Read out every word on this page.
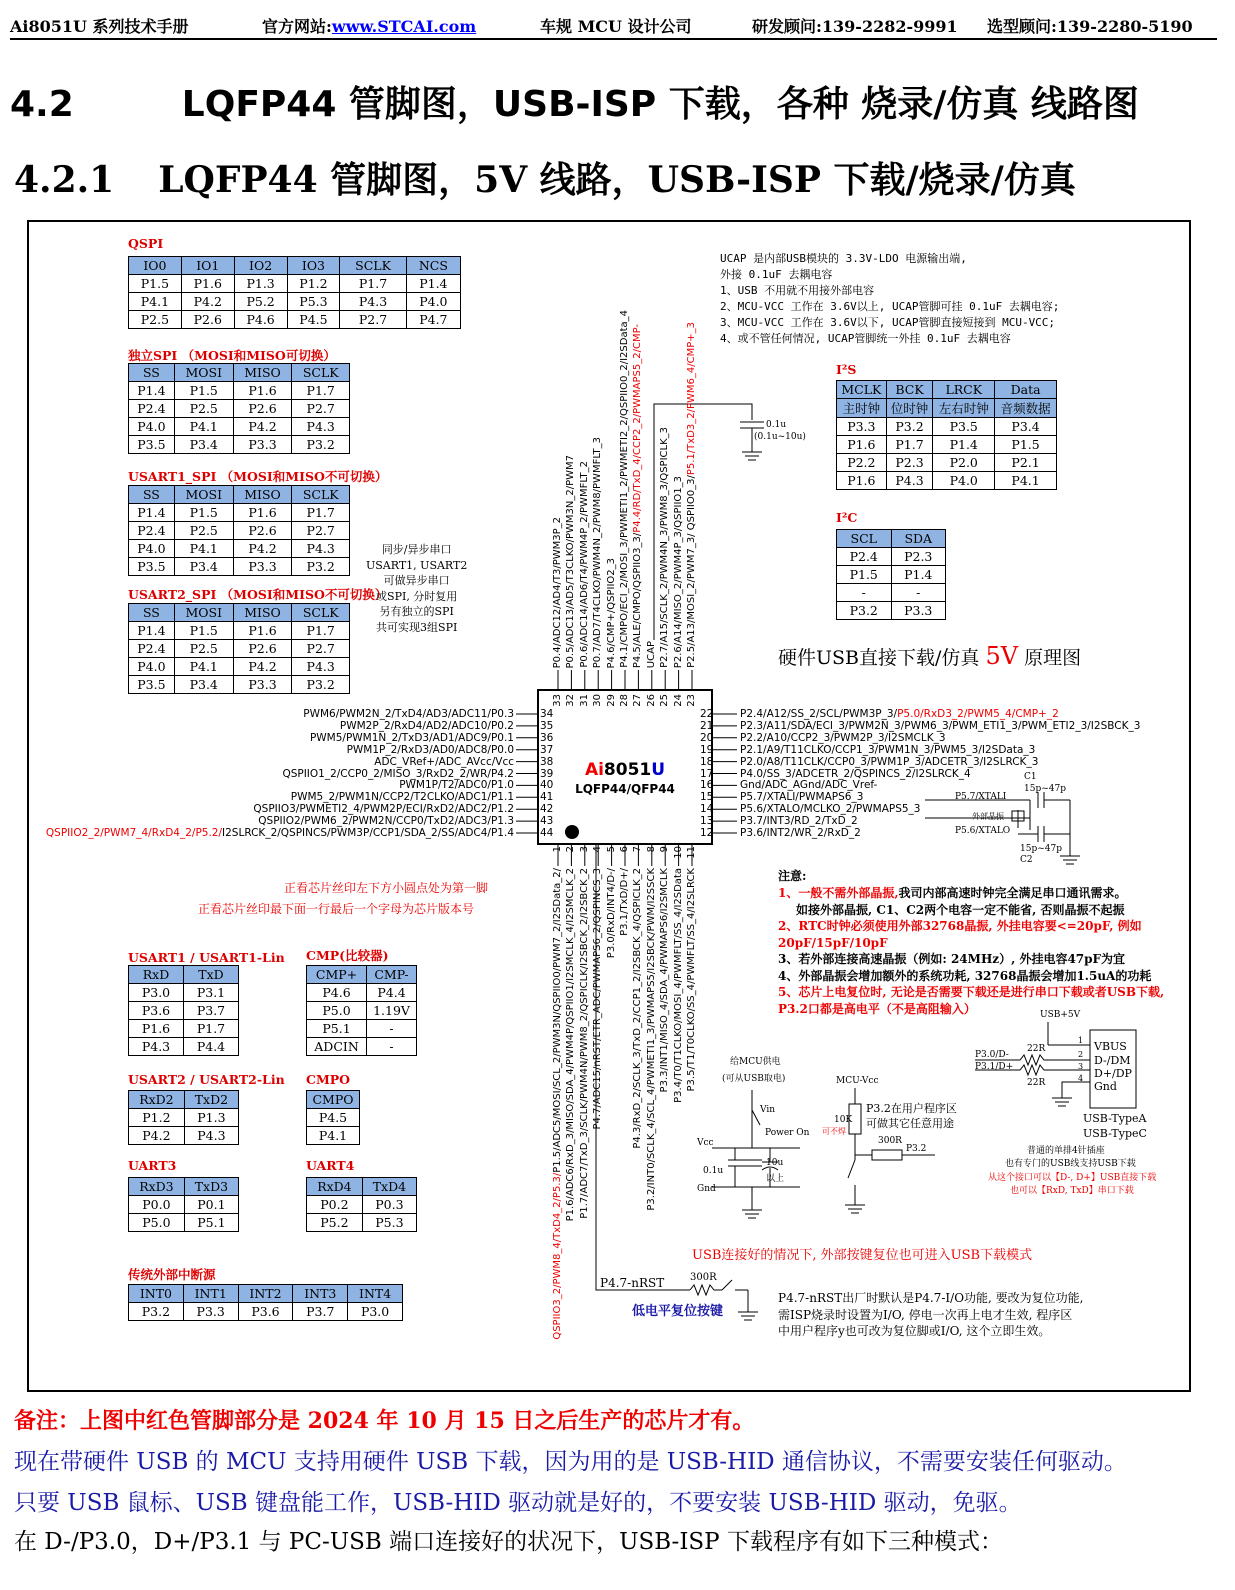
Ai8051U 系列技术手册	官方网站:www.STCAI.com	车规 MCU 设计公司	研发顾问:139-2282-9991 选型顾问:139-2280-5190
4.2	LQFP44 管脚图，USB-ISP 下载，各种 烧录/仿真 线路图
4.2.1 LQFP44 管脚图，5V 线路，USB-ISP 下载/烧录/仿真
QSPI
IO0	IO1	IO2	IO3	SCLK	NCS
P1.5	P1.6	P1.3	P1.2	P1.7	P1.4
P4.1	P4.2	P5.2	P5.3	P4.3	P4.0
P2.5	P2.6	P4.6	P4.5	P2.7	P4.7
独立SPI （MOSI和MISO可切换）
SS	MOSI	MISO	SCLK
P1.4	P1.5	P1.6	P1.7
P2.4	P2.5	P2.6	P2.7
P4.0	P4.1	P4.2	P4.3
P3.5	P3.4	P3.3	P3.2
USART1_SPI （MOSI和MISO不可切换）
SS	MOSI	MISO	SCLK
P1.4	P1.5	P1.6	P1.7
P2.4	P2.5	P2.6	P2.7
P4.0	P4.1	P4.2	P4.3
P3.5	P3.4	P3.3	P3.2
USART2_SPI （MOSI和MISO不可切换）
SS	MOSI	MISO	SCLK
P1.4	P1.5	P1.6	P1.7
P2.4	P2.5	P2.6	P2.7
P4.0	P4.1	P4.2	P4.3
P3.5	P3.4	P3.3	P3.2
同步/异步串口
USART1, USART2
可做异步串口
或SPI, 分时复用
另有独立的SPI
共可实现3组SPI
I²S
MCLK	BCK	LRCK	Data
主时钟	位时钟	左右时钟	音频数据
P3.3	P3.2	P3.5	P3.4
P1.6	P1.7	P1.4	P1.5
P2.2	P2.3	P2.0	P2.1
P1.6	P4.3	P4.0	P4.1
I²C
SCL	SDA
P2.4	P2.3
P1.5	P1.4
-	-
P3.2	P3.3
USART1 / USART1-Lin
RxD	TxD
P3.0	P3.1
P3.6	P3.7
P1.6	P1.7
P4.3	P4.4
CMP(比较器)
CMP+	CMP-
P4.6	P4.4
P5.0	1.19V
P5.1	-
ADCIN	-
USART2 / USART2-Lin
RxD2	TxD2
P1.2	P1.3
P4.2	P4.3
CMPO
CMPO
P4.5
P4.1
UART3
RxD3	TxD3
P0.0	P0.1
P5.0	P5.1
UART4
RxD4	TxD4
P0.2	P0.3
P5.2	P5.3
传统外部中断源
INT0	INT1	INT2	INT3	INT4
P3.2	P3.3	P3.6	P3.7	P3.0
UCAP 是内部USB模块的 3.3V-LDO 电源输出端,
外接 0.1uF 去耦电容
1、USB 不用就不用接外部电容
2、MCU-VCC 工作在 3.6V以上, UCAP管脚可挂 0.1uF 去耦电容;
3、MCU-VCC 工作在 3.6V以下, UCAP管脚直接短接到 MCU-VCC;
4、或不管任何情况, UCAP管脚统一外挂 0.1uF 去耦电容
硬件USB直接下载/仿真 5V 原理图
Ai8051U
LQFP44/QFP44
正看芯片丝印左下方小圆点处为第一脚
正看芯片丝印最下面一行最后一个字母为芯片版本号
C1
15p~47p
15p~47p
C2
P5.7/XTALI
P5.6/XTALO
外部晶振
注意:
1、一般不需外部晶振,我司内部高速时钟完全满足串口通讯需求。
如接外部晶振, C1、C2两个电容一定不能省, 否则晶振不起振
2、RTC时钟必须使用外部32768晶振, 外挂电容要<=20pF, 例如
20pF/15pF/10pF
3、若外部连接高速晶振（例如: 24MHz）, 外挂电容47pF为宜
4、外部晶振会增加额外的系统功耗, 32768晶振会增加1.5uA的功耗
5、芯片上电复位时, 无论是否需要下载还是进行串口下载或者USB下载,
P3.2口都是高电平（不是高阻输入）	USB+5V
VBUS
D-/DM
D+/DP
Gnd
1
2
3
4
P3.0/D-
P3.1/D+
22R
22R
USB-TypeA
USB-TypeC
普通的单排4针插座
也有专门的USB线支持USB下载
从这个接口可以【D-, D+】USB直接下载
也可以【RxD, TxD】串口下载
给MCU供电
(可从USB取电)
Vin
Power On
Vcc
Gnd
0.1u
10u
以上
MCU-Vcc
10K
可不焊
P3.2在用户程序区
可做其它任意用途
300R
P3.2
USB连接好的情况下, 外部按键复位也可进入USB下载模式
P4.7-nRST	300R
低电平复位按键
P4.7-nRST出厂时默认是P4.7-I/O功能, 要改为复位功能,
需ISP烧录时设置为I/O, 停电一次再上电才生效, 程序区
中用户程序y也可改为复位脚或I/O, 这个立即生效。
备注：上图中红色管脚部分是 2024 年 10 月 15 日之后生产的芯片才有。
现在带硬件 USB 的 MCU 支持用硬件 USB 下载，因为用的是 USB-HID 通信协议，不需要安装任何驱动。
只要 USB 鼠标、USB 键盘能工作，USB-HID 驱动就是好的，不要安装 USB-HID 驱动，免驱。
在 D-/P3.0，D+/P3.1 与 PC-USB 端口连接好的状况下，USB-ISP 下载程序有如下三种模式：
0.1u
(0.1u~10u)
PWM6/PWM2N_2/TxD4/AD3/ADC11/P0.3 34
PWM2P_2/RxD4/AD2/ADC10/P0.2 35
PWM5/PWM1N_2/TxD3/AD1/ADC9/P0.1 36
PWM1P_2/RxD3/AD0/ADC8/P0.0 37
ADC_VRef+/ADC_AVcc/Vcc 38
QSPIIO1_2/CCP0_2/MISO_3/RxD2_2/WR/P4.2 39
PWM1P/T2/ADC0/P1.0 40
PWM5_2/PWM1N/CCP2/T2CLKO/ADC1/P1.1 41
QSPIIO3/PWMETI2_4/PWM2P/ECI/RxD2/ADC2/P1.2 42
QSPIIO2/PWM6_2/PWM2N/CCP0/TxD2/ADC3/P1.3 43
QSPIIO2_2/PWM7_4/RxD4_2/P5.2/I2SLRCK_2/QSPINCS/PWM3P/CCP1/SDA_2/SS/ADC4/P1.4 44
P2.4/A12/SS_2/SCL/PWM3P_3/P5.0/RxD3_2/PWM5_4/CMP+_2
22
P2.3/A11/SDA/ECI_3/PWM2N_3/PWM6_3/PWM_ETI1_3/PWM_ETI2_3/I2SBCK_3
21
P2.2/A10/CCP2_3/PWM2P_3/I2SMCLK_3
20
P2.1/A9/T11CLKO/CCP1_3/PWM1N_3/PWM5_3/I2SData_3
19
P2.0/A8/T11CLK/CCP0_3/PWM1P_3/ADCETR_3/I2SLRCK_3
18
P4.0/SS_3/ADCETR_2/QSPINCS_2/I2SLRCK_4
17
Gnd/ADC_AGnd/ADC_Vref-
16
P5.7/XTALI/PWMAPS6_3
15
P5.6/XTALO/MCLKO_2/PWMAPS5_3
14
P3.7/INT3/RD_2/TxD_2
13
P3.6/INT2/WR_2/RxD_2
12
P0.4/ADC12/AD4/T3/PWM3P_2
33
P0.5/ADC13/AD5/T3CLKO/PWM3N_2/PWM7
32
P0.6/ADC14/AD6/T4/PWM4P_2/PWMFLT_2
31
P0.7/AD7/T4CLKO/PWM4N_2/PWM8/PWMFLT_3
30
P4.6/CMP+/QSPIIO2_3
29
P4.1/CMPO/ECI_2/MOSI_3/PWMETI1_2/PWMETI2_2/QSPIIO0_2/I2SData_4
28
P4.5/ALE/CMPO/QSPIIO3_3/P4.4/RD/TxD_4/CCP2_2/PWMAPS5_2/CMP-
27
UCAP
26
P2.7/A15/SCLK_2/PWM4N_3/PWM8_3/QSPICLK_3
25
P2.6/A14/MISO_2/PWM4P_3/QSPIIO1_3
24
P2.5/A13/MOSI_2/PWM7_3/ QSPIIO0_3/P5.1/TxD3_2/PWM6_4/CMP+_3
23
QSPIIO3_2/PWM8_4/TxD4_2/P5.3/P1.5/ADC5/MOSI/SCL_2/PWM3N/QSPIIO0/PWM7_2/I2SData_2/
1
P1.6/ADC6/RxD_3/MISO/SDA_4/PWM4P/QSPIIO1/I2SMCLK_4/I2SMCLK_2
2
P1.7/ADC7/TxD_3/SCLK/PWM4N/PWM8_2/QSPICLK/I2SBCK_2/I2SBCK_2
3
P4.7/ADC15/nRST/ETR_ADC/PWMAPS6_2/QSPINCS_3
4
P3.0/RxD/INT4/D-/
5
P3.1/TxD/D+/
6
P4.3/RxD_2/SCLK_3/TxD_2/CCP1_2/I2SBCK_4/QSPICLK_2
7
P3.2/INT0/SCLK_4/SCL_4/PWMETI1_3/PWMAPS5/I2SBCK/PWM/I2SSCK
8
P3.3/INT1/MISO_4/SDA_4/PWMAPS6/I2SMCLK
9
P3.4/T0/T1CLKO/MOSI_4/PWMFLT/SS_4/I2SData
10
P3.5/T1/T0CLKO/SS_4/PWMFLT/SS_4/I2SLRCK
11
